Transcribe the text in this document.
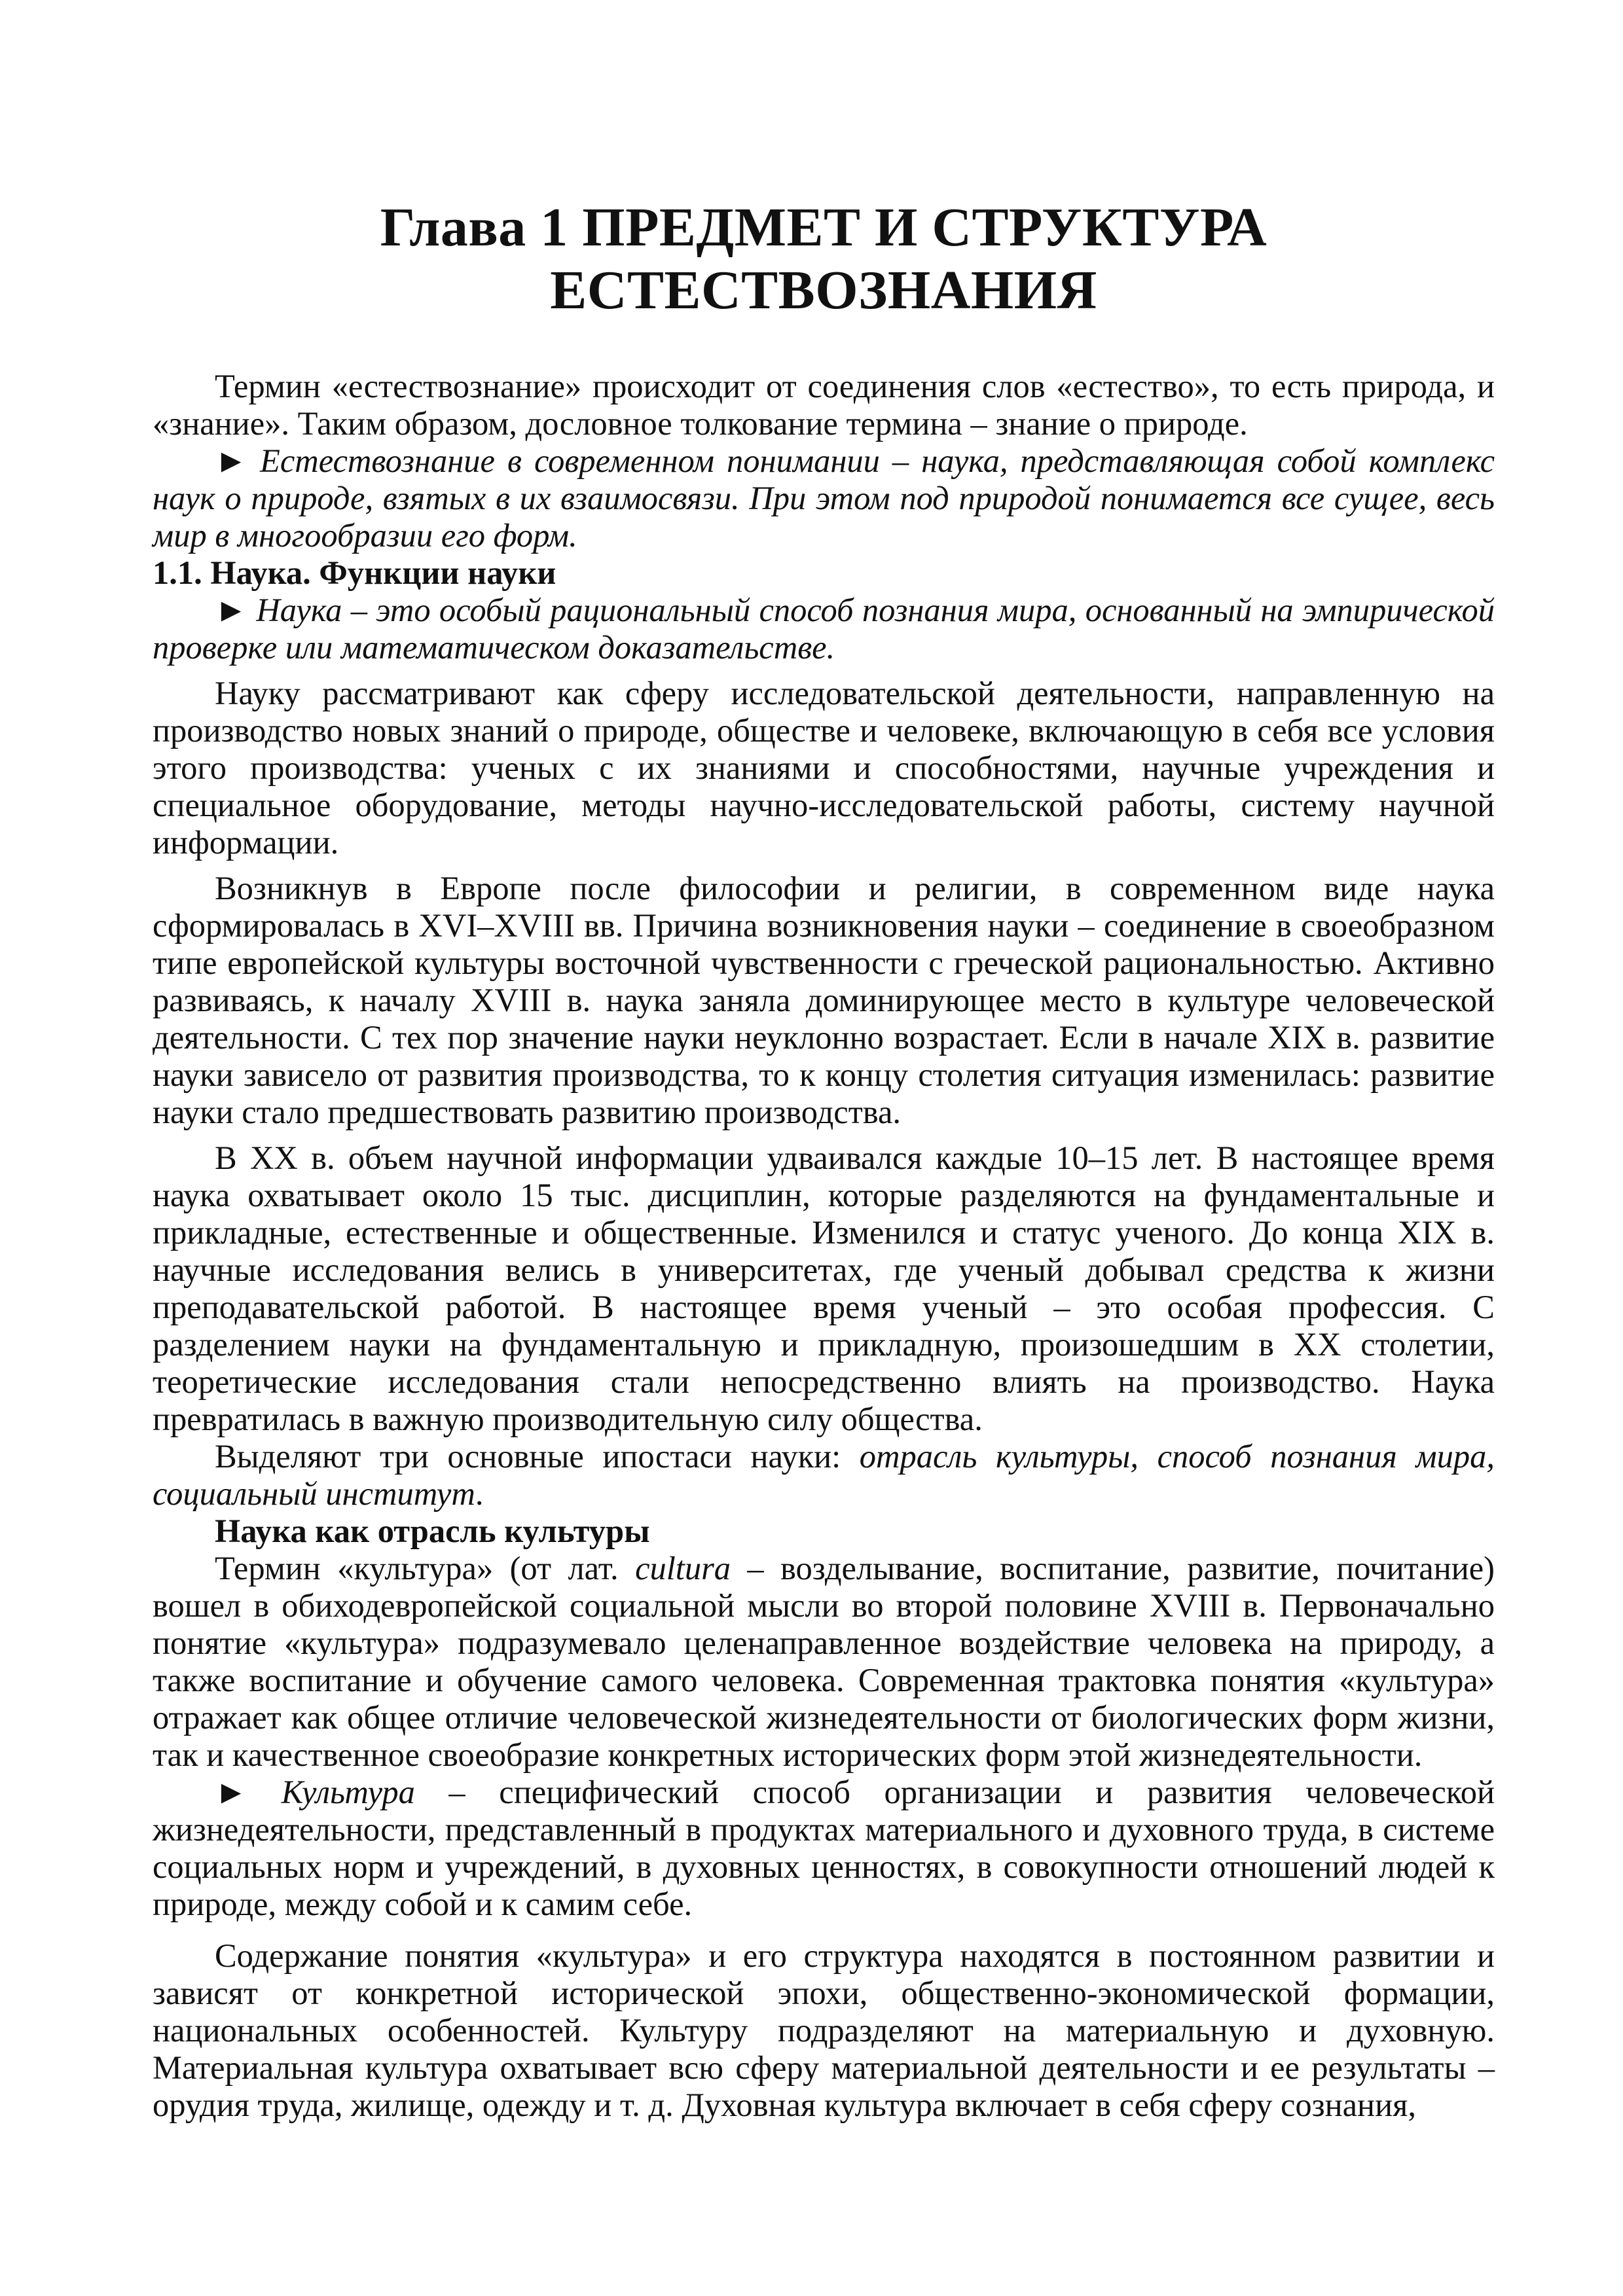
Глава 1 ПРЕДМЕТ И СТРУКТУРА
ЕСТЕСТВОЗНАНИЯ

Термин «естествознание» происходит от соединения слов «естество», то есть природа, и «знание». Таким образом, дословное толкование термина – знание о природе.

► Естествознание в современном понимании – наука, представляющая собой комплекс наук о природе, взятых в их взаимосвязи. При этом под природой понимается все сущее, весь мир в многообразии его форм.

1.1. Наука. Функции науки

► Наука – это особый рациональный способ познания мира, основанный на эмпирической проверке или математическом доказательстве.

Науку рассматривают как сферу исследовательской деятельности, направленную на производство новых знаний о природе, обществе и человеке, включающую в себя все условия этого производства: ученых с их знаниями и способностями, научные учреждения и специальное оборудование, методы научно-исследовательской работы, систему научной информации.

Возникнув в Европе после философии и религии, в современном виде наука сформировалась в XVI–XVIII вв. Причина возникновения науки – соединение в своеобразном типе европейской культуры восточной чувственности с греческой рациональностью. Активно развиваясь, к началу XVIII в. наука заняла доминирующее место в культуре человеческой деятельности. С тех пор значение науки неуклонно возрастает. Если в начале XIX в. развитие науки зависело от развития производства, то к концу столетия ситуация изменилась: развитие науки стало предшествовать развитию производства.

В XX в. объем научной информации удваивался каждые 10–15 лет. В настоящее время наука охватывает около 15 тыс. дисциплин, которые разделяются на фундаментальные и прикладные, естественные и общественные. Изменился и статус ученого. До конца XIX в. научные исследования велись в университетах, где ученый добывал средства к жизни преподавательской работой. В настоящее время ученый – это особая профессия. С разделением науки на фундаментальную и прикладную, произошедшим в XX столетии, теоретические исследования стали непосредственно влиять на производство. Наука превратилась в важную производительную силу общества.

Выделяют три основные ипостаси науки: отрасль культуры, способ познания мира, социальный институт.

Наука как отрасль культуры

Термин «культура» (от лат. cultura – возделывание, воспитание, развитие, почитание) вошел в обиходевропейской социальной мысли во второй половине XVIII в. Первоначально понятие «культура» подразумевало целенаправленное воздействие человека на природу, а также воспитание и обучение самого человека. Современная трактовка понятия «культура» отражает как общее отличие человеческой жизнедеятельности от биологических форм жизни, так и качественное своеобразие конкретных исторических форм этой жизнедеятельности.

► Культура – специфический способ организации и развития человеческой жизнедеятельности, представленный в продуктах материального и духовного труда, в системе социальных норм и учреждений, в духовных ценностях, в совокупности отношений людей к природе, между собой и к самим себе.

Содержание понятия «культура» и его структура находятся в постоянном развитии и зависят от конкретной исторической эпохи, общественно-экономической формации, национальных особенностей. Культуру подразделяют на материальную и духовную. Материальная культура охватывает всю сферу материальной деятельности и ее результаты – орудия труда, жилище, одежду и т. д. Духовная культура включает в себя сферу сознания,
